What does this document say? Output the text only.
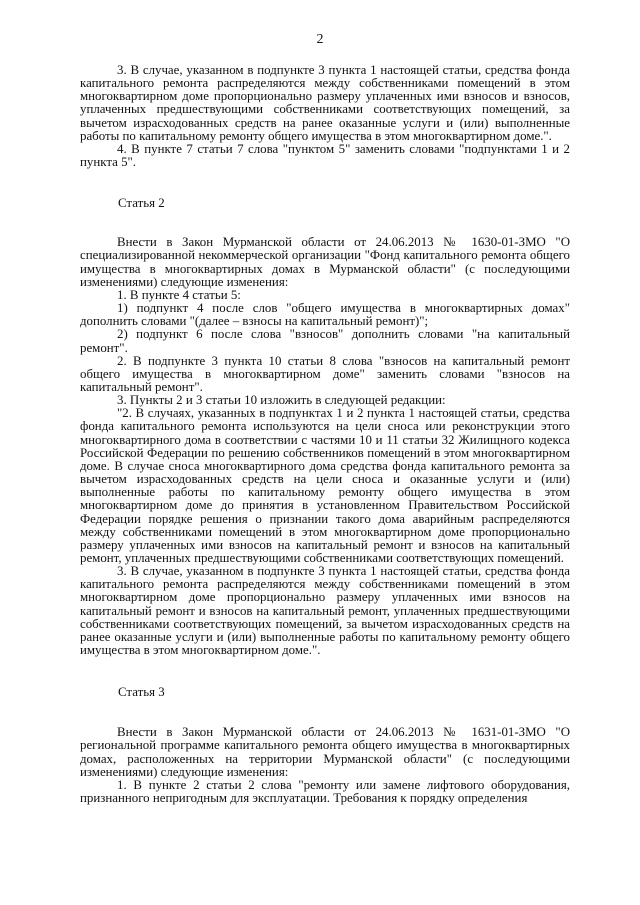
2

3. В случае, указанном в подпункте 3 пункта 1 настоящей статьи, средства фонда капитального ремонта распределяются между собственниками помещений в этом многоквартирном доме пропорционально размеру уплаченных ими взносов и взносов, уплаченных предшествующими собственниками соответствующих помещений, за вычетом израсходованных средств на ранее оказанные услуги и (или) выполненные работы по капитальному ремонту общего имущества в этом многоквартирном доме.".

4. В пункте 7 статьи 7 слова "пунктом 5" заменить словами "подпунктами 1 и 2 пункта 5".

Статья 2

Внести в Закон Мурманской области от 24.06.2013 № 1630-01-ЗМО "О специализированной некоммерческой организации "Фонд капитального ремонта общего имущества в многоквартирных домах в Мурманской области" (с последующими изменениями) следующие изменения:

1. В пункте 4 статьи 5:

1) подпункт 4 после слов "общего имущества в многоквартирных домах" дополнить словами "(далее – взносы на капитальный ремонт)";

2) подпункт 6 после слова "взносов" дополнить словами "на капитальный ремонт".

2. В подпункте 3 пункта 10 статьи 8 слова "взносов на капитальный ремонт общего имущества в многоквартирном доме" заменить словами "взносов на капитальный ремонт".

3. Пункты 2 и 3 статьи 10 изложить в следующей редакции:

"2. В случаях, указанных в подпунктах 1 и 2 пункта 1 настоящей статьи, средства фонда капитального ремонта используются на цели сноса или реконструкции этого многоквартирного дома в соответствии с частями 10 и 11 статьи 32 Жилищного кодекса Российской Федерации по решению собственников помещений в этом многоквартирном доме. В случае сноса многоквартирного дома средства фонда капитального ремонта за вычетом израсходованных средств на цели сноса и оказанные услуги и (или) выполненные работы по капитальному ремонту общего имущества в этом многоквартирном доме до принятия в установленном Правительством Российской Федерации порядке решения о признании такого дома аварийным распределяются между собственниками помещений в этом многоквартирном доме пропорционально размеру уплаченных ими взносов на капитальный ремонт и взносов на капитальный ремонт, уплаченных предшествующими собственниками соответствующих помещений.

3. В случае, указанном в подпункте 3 пункта 1 настоящей статьи, средства фонда капитального ремонта распределяются между собственниками помещений в этом многоквартирном доме пропорционально размеру уплаченных ими взносов на капитальный ремонт и взносов на капитальный ремонт, уплаченных предшествующими собственниками соответствующих помещений, за вычетом израсходованных средств на ранее оказанные услуги и (или) выполненные работы по капитальному ремонту общего имущества в этом многоквартирном доме.".

Статья 3

Внести в Закон Мурманской области от 24.06.2013 № 1631-01-ЗМО "О региональной программе капитального ремонта общего имущества в многоквартирных домах, расположенных на территории Мурманской области" (с последующими изменениями) следующие изменения:

1. В пункте 2 статьи 2 слова "ремонту или замене лифтового оборудования, признанного непригодным для эксплуатации. Требования к порядку определения
